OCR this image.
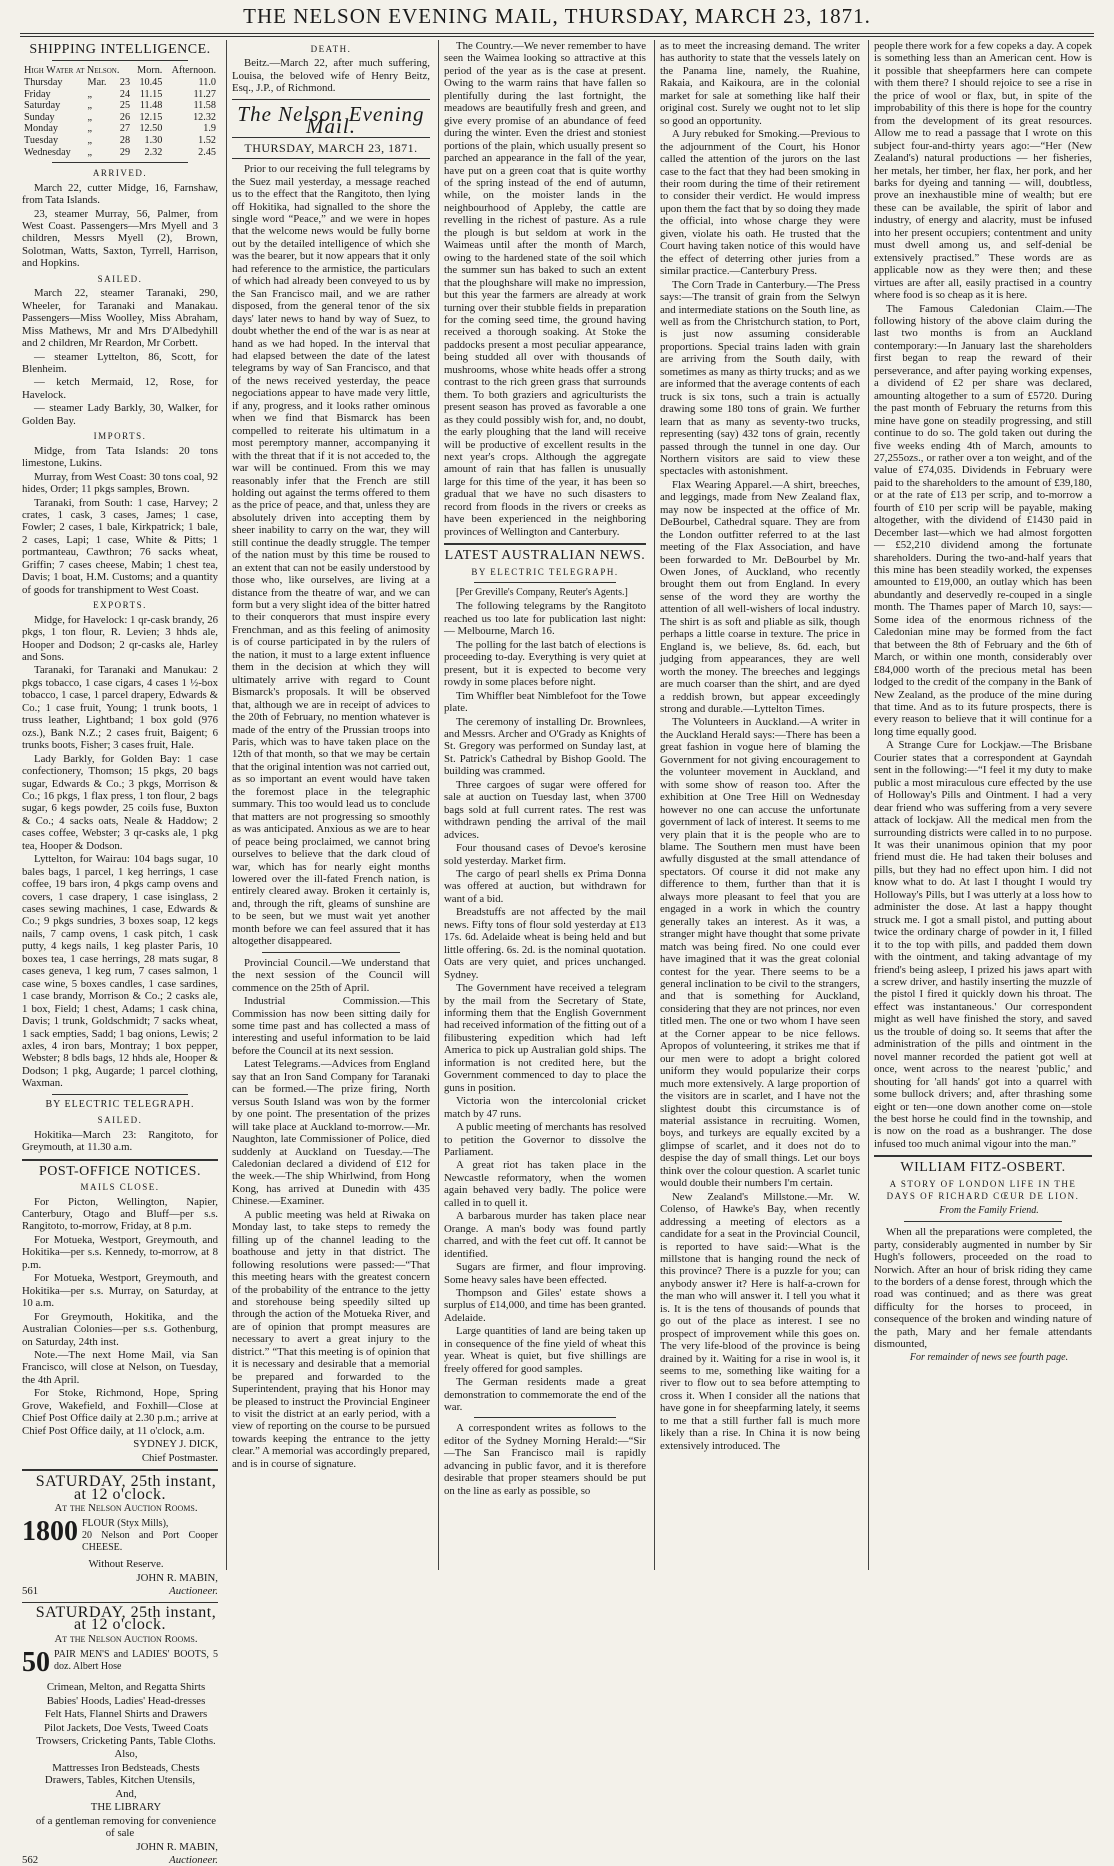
THE NELSON EVENING MAIL, THURSDAY, MARCH 23, 1871.
SHIPPING INTELLIGENCE.
High Water at Nelson.			Morn.	Afternoon.
Thursday	Mar.	23	10.45	11.0
Friday	„	24	11.15	11.27
Saturday	„	25	11.48	11.58
Sunday	„	26	12.15	12.32
Monday	„	27	12.50	1.9
Tuesday	„	28	1.30	1.52
Wednesday	„	29	2.32	2.45
ARRIVED.

March 22, cutter Midge, 16, Farnshaw, from Tata Islands.

23, steamer Murray, 56, Palmer, from West Coast. Passengers—Mrs Myell and 3 children, Messrs Myell (2), Brown, Solotman, Watts, Saxton, Tyrrell, Harrison, and Hopkins.

SAILED.

March 22, steamer Taranaki, 290, Wheeler, for Taranaki and Manakau. Passengers—Miss Woolley, Miss Abraham, Miss Mathews, Mr and Mrs D'Albedyhill and 2 children, Mr Reardon, Mr Corbett.

— steamer Lyttelton, 86, Scott, for Blenheim.

— ketch Mermaid, 12, Rose, for Havelock.

— steamer Lady Barkly, 30, Walker, for Golden Bay.

IMPORTS.

Midge, from Tata Islands: 20 tons limestone, Lukins.

Murray, from West Coast: 30 tons coal, 92 hides, Order; 11 pkgs samples, Brown.

Taranaki, from South: 1 case, Harvey; 2 crates, 1 cask, 3 cases, James; 1 case, Fowler; 2 cases, 1 bale, Kirkpatrick; 1 bale, 2 cases, Lapi; 1 case, White & Pitts; 1 portmanteau, Cawthron; 76 sacks wheat, Griffin; 7 cases cheese, Mabin; 1 chest tea, Davis; 1 boat, H.M. Customs; and a quantity of goods for transhipment to West Coast.

EXPORTS.

Midge, for Havelock: 1 qr-cask brandy, 26 pkgs, 1 ton flour, R. Levien; 3 hhds ale, Hooper and Dodson; 2 qr-casks ale, Harley and Sons.

Taranaki, for Taranaki and Manukau: 2 pkgs tobacco, 1 case cigars, 4 cases 1 ½-box tobacco, 1 case, 1 parcel drapery, Edwards & Co.; 1 case fruit, Young; 1 trunk boots, 1 truss leather, Lightband; 1 box gold (976 ozs.), Bank N.Z.; 2 cases fruit, Baigent; 6 trunks boots, Fisher; 3 cases fruit, Hale.

Lady Barkly, for Golden Bay: 1 case confectionery, Thomson; 15 pkgs, 20 bags sugar, Edwards & Co.; 3 pkgs, Morrison & Co.; 16 pkgs, 1 flax press, 1 ton flour, 2 bags sugar, 6 kegs powder, 25 coils fuse, Buxton & Co.; 4 sacks oats, Neale & Haddow; 2 cases coffee, Webster; 3 qr-casks ale, 1 pkg tea, Hooper & Dodson.

Lyttelton, for Wairau: 104 bags sugar, 10 bales bags, 1 parcel, 1 keg herrings, 1 case coffee, 19 bars iron, 4 pkgs camp ovens and covers, 1 case drapery, 1 case isinglass, 2 cases sewing machines, 1 case, Edwards & Co.; 9 pkgs sundries, 3 boxes soap, 12 kegs nails, 7 camp ovens, 1 cask pitch, 1 cask putty, 4 kegs nails, 1 keg plaster Paris, 10 boxes tea, 1 case herrings, 28 mats sugar, 8 cases geneva, 1 keg rum, 7 cases salmon, 1 case wine, 5 boxes candles, 1 case sardines, 1 case brandy, Morrison & Co.; 2 casks ale, 1 box, Field; 1 chest, Adams; 1 cask china, Davis; 1 trunk, Goldschmidt; 7 sacks wheat, 1 sack empties, Sadd; 1 bag onions, Lewis; 2 axles, 4 iron bars, Montray; 1 box pepper, Webster; 8 bdls bags, 12 hhds ale, Hooper & Dodson; 1 pkg, Augarde; 1 parcel clothing, Waxman.

BY ELECTRIC TELEGRAPH.
SAILED.

Hokitika—March 23: Rangitoto, for Greymouth, at 11.30 a.m.

POST-OFFICE NOTICES.
MAILS CLOSE.

For Picton, Wellington, Napier, Canterbury, Otago and Bluff—per s.s. Rangitoto, to-morrow, Friday, at 8 p.m.

For Motueka, Westport, Greymouth, and Hokitika—per s.s. Kennedy, to-morrow, at 8 p.m.

For Motueka, Westport, Greymouth, and Hokitika—per s.s. Murray, on Saturday, at 10 a.m.

For Greymouth, Hokitika, and the Australian Colonies—per s.s. Gothenburg, on Saturday, 24th inst.

Note.—The next Home Mail, via San Francisco, will close at Nelson, on Tuesday, the 4th April.

For Stoke, Richmond, Hope, Spring Grove, Wakefield, and Foxhill—Close at Chief Post Office daily at 2.30 p.m.; arrive at Chief Post Office daily, at 11 o'clock, a.m.

SYDNEY J. DICK,

Chief Postmaster.

SATURDAY, 25th instant, at 12 o'clock.

At the Nelson Auction Rooms.

1800 FLOUR (Styx Mills),
20 Nelson and Port Cooper CHEESE.

Without Reserve.

JOHN R. MABIN,

561	Auctioneer.

SATURDAY, 25th instant, at 12 o'clock.

At the Nelson Auction Rooms.

50 PAIR MEN'S and LADIES' BOOTS, 5 doz. Albert Hose

Crimean, Melton, and Regatta Shirts

Babies' Hoods, Ladies' Head-dresses

Felt Hats, Flannel Shirts and Drawers

Pilot Jackets, Doe Vests, Tweed Coats

Trowsers, Cricketing Pants, Table Cloths.

Also,

Mattresses Iron Bedsteads, Chests Drawers, Tables, Kitchen Utensils,

And,

THE LIBRARY

of a gentleman removing for convenience of sale

JOHN R. MABIN,

562	Auctioneer.

DEATH.

Beitz.—March 22, after much suffering, Louisa, the beloved wife of Henry Beitz, Esq., J.P., of Richmond.

The Nelson Evening Mail.
THURSDAY, MARCH 23, 1871.

Prior to our receiving the full telegrams by the Suez mail yesterday, a message reached us to the effect that the Rangitoto, then lying off Hokitika, had signalled to the shore the single word “Peace,” and we were in hopes that the welcome news would be fully borne out by the detailed intelligence of which she was the bearer, but it now appears that it only had reference to the armistice, the particulars of which had already been conveyed to us by the San Francisco mail, and we are rather disposed, from the general tenor of the six days' later news to hand by way of Suez, to doubt whether the end of the war is as near at hand as we had hoped. In the interval that had elapsed between the date of the latest telegrams by way of San Francisco, and that of the news received yesterday, the peace negociations appear to have made very little, if any, progress, and it looks rather ominous when we find that Bismarck has been compelled to reiterate his ultimatum in a most peremptory manner, accompanying it with the threat that if it is not acceded to, the war will be continued. From this we may reasonably infer that the French are still holding out against the terms offered to them as the price of peace, and that, unless they are absolutely driven into accepting them by sheer inability to carry on the war, they will still continue the deadly struggle. The temper of the nation must by this time be roused to an extent that can not be easily understood by those who, like ourselves, are living at a distance from the theatre of war, and we can form but a very slight idea of the bitter hatred to their conquerors that must inspire every Frenchman, and as this feeling of animosity is of course participated in by the rulers of the nation, it must to a large extent influence them in the decision at which they will ultimately arrive with regard to Count Bismarck's proposals. It will be observed that, although we are in receipt of advices to the 20th of February, no mention whatever is made of the entry of the Prussian troops into Paris, which was to have taken place on the 12th of that month, so that we may be certain that the original intention was not carried out, as so important an event would have taken the foremost place in the telegraphic summary. This too would lead us to conclude that matters are not progressing so smoothly as was anticipated. Anxious as we are to hear of peace being proclaimed, we cannot bring ourselves to believe that the dark cloud of war, which has for nearly eight months lowered over the ill-fated French nation, is entirely cleared away. Broken it certainly is, and, through the rift, gleams of sunshine are to be seen, but we must wait yet another month before we can feel assured that it has altogether disappeared.

Provincial Council.—We understand that the next session of the Council will commence on the 25th of April.

Industrial Commission.—This Commission has now been sitting daily for some time past and has collected a mass of interesting and useful information to be laid before the Council at its next session.

Latest Telegrams.—Advices from England say that an Iron Sand Company for Taranaki can be formed.—The prize firing, North versus South Island was won by the former by one point. The presentation of the prizes will take place at Auckland to-morrow.—Mr. Naughton, late Commissioner of Police, died suddenly at Auckland on Tuesday.—The Caledonian declared a dividend of £12 for the week.—The ship Whirlwind, from Hong Kong, has arrived at Dunedin with 435 Chinese.—Examiner.

A public meeting was held at Riwaka on Monday last, to take steps to remedy the filling up of the channel leading to the boathouse and jetty in that district. The following resolutions were passed:—“That this meeting hears with the greatest concern of the probability of the entrance to the jetty and storehouse being speedily silted up through the action of the Motueka River, and are of opinion that prompt measures are necessary to avert a great injury to the district.” “That this meeting is of opinion that it is necessary and desirable that a memorial be prepared and forwarded to the Superintendent, praying that his Honor may be pleased to instruct the Provincial Engineer to visit the district at an early period, with a view of reporting on the course to be pursued towards keeping the entrance to the jetty clear.” A memorial was accordingly prepared, and is in course of signature.

The Country.—We never remember to have seen the Waimea looking so attractive at this period of the year as is the case at present. Owing to the warm rains that have fallen so plentifully during the last fortnight, the meadows are beautifully fresh and green, and give every promise of an abundance of feed during the winter. Even the driest and stoniest portions of the plain, which usually present so parched an appearance in the fall of the year, have put on a green coat that is quite worthy of the spring instead of the end of autumn, while, on the moister lands in the neighbourhood of Appleby, the cattle are revelling in the richest of pasture. As a rule the plough is but seldom at work in the Waimeas until after the month of March, owing to the hardened state of the soil which the summer sun has baked to such an extent that the ploughshare will make no impression, but this year the farmers are already at work turning over their stubble fields in preparation for the coming seed time, the ground having received a thorough soaking. At Stoke the paddocks present a most peculiar appearance, being studded all over with thousands of mushrooms, whose white heads offer a strong contrast to the rich green grass that surrounds them. To both graziers and agriculturists the present season has proved as favorable a one as they could possibly wish for, and, no doubt, the early ploughing that the land will receive will be productive of excellent results in the next year's crops. Although the aggregate amount of rain that has fallen is unusually large for this time of the year, it has been so gradual that we have no such disasters to record from floods in the rivers or creeks as have been experienced in the neighboring provinces of Wellington and Canterbury.

LATEST AUSTRALIAN NEWS.
BY ELECTRIC TELEGRAPH.

[Per Greville's Company, Reuter's Agents.]

The following telegrams by the Rangitoto reached us too late for publication last night:— Melbourne, March 16.

The polling for the last batch of elections is proceeding to-day. Everything is very quiet at present, but it is expected to become very rowdy in some places before night.

Tim Whiffler beat Nimblefoot for the Towe plate.

The ceremony of installing Dr. Brownlees, and Messrs. Archer and O'Grady as Knights of St. Gregory was performed on Sunday last, at St. Patrick's Cathedral by Bishop Goold. The building was crammed.

Three cargoes of sugar were offered for sale at auction on Tuesday last, when 3700 bags sold at full current rates. The rest was withdrawn pending the arrival of the mail advices.

Four thousand cases of Devoe's kerosine sold yesterday. Market firm.

The cargo of pearl shells ex Prima Donna was offered at auction, but withdrawn for want of a bid.

Breadstuffs are not affected by the mail news. Fifty tons of flour sold yesterday at £13 17s. 6d. Adelaide wheat is being held and but little offering. 6s. 2d. is the nominal quotation. Oats are very quiet, and prices unchanged. Sydney.

The Government have received a telegram by the mail from the Secretary of State, informing them that the English Government had received information of the fitting out of a filibustering expedition which had left America to pick up Australian gold ships. The information is not credited here, but the Government commenced to day to place the guns in position.

Victoria won the intercolonial cricket match by 47 runs.

A public meeting of merchants has resolved to petition the Governor to dissolve the Parliament.

A great riot has taken place in the Newcastle reformatory, when the women again behaved very badly. The police were called in to quell it.

A barbarous murder has taken place near Orange. A man's body was found partly charred, and with the feet cut off. It cannot be identified.

Sugars are firmer, and flour improving. Some heavy sales have been effected.

Thompson and Giles' estate shows a surplus of £14,000, and time has been granted. Adelaide.

Large quantities of land are being taken up in consequence of the fine yield of wheat this year. Wheat is quiet, but five shillings are freely offered for good samples.

The German residents made a great demonstration to commemorate the end of the war.

A correspondent writes as follows to the editor of the Sydney Morning Herald:—“Sir—The San Francisco mail is rapidly advancing in public favor, and it is therefore desirable that proper steamers should be put on the line as early as possible, so

as to meet the increasing demand. The writer has authority to state that the vessels lately on the Panama line, namely, the Ruahine, Rakaia, and Kaikoura, are in the colonial market for sale at something like half their original cost. Surely we ought not to let slip so good an opportunity.

A Jury rebuked for Smoking.—Previous to the adjournment of the Court, his Honor called the attention of the jurors on the last case to the fact that they had been smoking in their room during the time of their retirement to consider their verdict. He would impress upon them the fact that by so doing they made the official, into whose charge they were given, violate his oath. He trusted that the Court having taken notice of this would have the effect of deterring other juries from a similar practice.—Canterbury Press.

The Corn Trade in Canterbury.—The Press says:—The transit of grain from the Selwyn and intermediate stations on the South line, as well as from the Christchurch station, to Port, is just now assuming considerable proportions. Special trains laden with grain are arriving from the South daily, with sometimes as many as thirty trucks; and as we are informed that the average contents of each truck is six tons, such a train is actually drawing some 180 tons of grain. We further learn that as many as seventy-two trucks, representing (say) 432 tons of grain, recently passed through the tunnel in one day. Our Northern visitors are said to view these spectacles with astonishment.

Flax Wearing Apparel.—A shirt, breeches, and leggings, made from New Zealand flax, may now be inspected at the office of Mr. DeBourbel, Cathedral square. They are from the London outfitter referred to at the last meeting of the Flax Association, and have been forwarded to Mr. DeBourbel by Mr. Owen Jones, of Auckland, who recently brought them out from England. In every sense of the word they are worthy the attention of all well-wishers of local industry. The shirt is as soft and pliable as silk, though perhaps a little coarse in texture. The price in England is, we believe, 8s. 6d. each, but judging from appearances, they are well worth the money. The breeches and leggings are much coarser than the shirt, and are dyed a reddish brown, but appear exceedingly strong and durable.—Lyttelton Times.

The Volunteers in Auckland.—A writer in the Auckland Herald says:—There has been a great fashion in vogue here of blaming the Government for not giving encouragement to the volunteer movement in Auckland, and with some show of reason too. After the exhibition at One Tree Hill on Wednesday however no one can accuse the unfortunate government of lack of interest. It seems to me very plain that it is the people who are to blame. The Southern men must have been awfully disgusted at the small attendance of spectators. Of course it did not make any difference to them, further than that it is always more pleasant to feel that you are engaged in a work in which the country generally takes an interest. As it was, a stranger might have thought that some private match was being fired. No one could ever have imagined that it was the great colonial contest for the year. There seems to be a general inclination to be civil to the strangers, and that is something for Auckland, considering that they are not princes, nor even titled men. The one or two whom I have seen at the Corner appear to be nice fellows. Apropos of volunteering, it strikes me that if our men were to adopt a bright colored uniform they would popularize their corps much more extensively. A large proportion of the visitors are in scarlet, and I have not the slightest doubt this circumstance is of material assistance in recruiting. Women, boys, and turkeys are equally excited by a glimpse of scarlet, and it does not do to despise the day of small things. Let our boys think over the colour question. A scarlet tunic would double their numbers I'm certain.

New Zealand's Millstone.—Mr. W. Colenso, of Hawke's Bay, when recently addressing a meeting of electors as a candidate for a seat in the Provincial Council, is reported to have said:—What is the millstone that is hanging round the neck of this province? There is a puzzle for you; can anybody answer it? Here is half-a-crown for the man who will answer it. I tell you what it is. It is the tens of thousands of pounds that go out of the place as interest. I see no prospect of improvement while this goes on. The very life-blood of the province is being drained by it. Waiting for a rise in wool is, it seems to me, something like waiting for a river to flow out to sea before attempting to cross it. When I consider all the nations that have gone in for sheepfarming lately, it seems to me that a still further fall is much more likely than a rise. In China it is now being extensively introduced. The

people there work for a few copeks a day. A copek is something less than an American cent. How is it possible that sheepfarmers here can compete with them there? I should rejoice to see a rise in the price of wool or flax, but, in spite of the improbability of this there is hope for the country from the development of its great resources. Allow me to read a passage that I wrote on this subject four-and-thirty years ago:—“Her (New Zealand's) natural productions — her fisheries, her metals, her timber, her flax, her pork, and her barks for dyeing and tanning — will, doubtless, prove an inexhaustible mine of wealth; but ere these can be available, the spirit of labor and industry, of energy and alacrity, must be infused into her present occupiers; contentment and unity must dwell among us, and self-denial be extensively practised.” These words are as applicable now as they were then; and these virtues are after all, easily practised in a country where food is so cheap as it is here.

The Famous Caledonian Claim.—The following history of the above claim during the last two months is from an Auckland contemporary:—In January last the shareholders first began to reap the reward of their perseverance, and after paying working expenses, a dividend of £2 per share was declared, amounting altogether to a sum of £5720. During the past month of February the returns from this mine have gone on steadily progressing, and still continue to do so. The gold taken out during the five weeks ending 4th of March, amounts to 27,255ozs., or rather over a ton weight, and of the value of £74,035. Dividends in February were paid to the shareholders to the amount of £39,180, or at the rate of £13 per scrip, and to-morrow a fourth of £10 per scrip will be payable, making altogether, with the dividend of £1430 paid in December last—which we had almost forgotten — £52,210 dividend among the fortunate shareholders. During the two-and-half years that this mine has been steadily worked, the expenses amounted to £19,000, an outlay which has been abundantly and deservedly re-couped in a single month. The Thames paper of March 10, says:—Some idea of the enormous richness of the Caledonian mine may be formed from the fact that between the 8th of February and the 6th of March, or within one month, considerably over £84,000 worth of the precious metal has been lodged to the credit of the company in the Bank of New Zealand, as the produce of the mine during that time. And as to its future prospects, there is every reason to believe that it will continue for a long time equally good.

A Strange Cure for Lockjaw.—The Brisbane Courier states that a correspondent at Gayndah sent in the following:—“I feel it my duty to make public a most miraculous cure effected by the use of Holloway's Pills and Ointment. I had a very dear friend who was suffering from a very severe attack of lockjaw. All the medical men from the surrounding districts were called in to no purpose. It was their unanimous opinion that my poor friend must die. He had taken their boluses and pills, but they had no effect upon him. I did not know what to do. At last I thought I would try Holloway's Pills, but I was utterly at a loss how to administer the dose. At last a happy thought struck me. I got a small pistol, and putting about twice the ordinary charge of powder in it, I filled it to the top with pills, and padded them down with the ointment, and taking advantage of my friend's being asleep, I prized his jaws apart with a screw driver, and hastily inserting the muzzle of the pistol I fired it quickly down his throat. The effect was instantaneous.' Our correspondent might as well have finished the story, and saved us the trouble of doing so. It seems that after the administration of the pills and ointment in the novel manner recorded the patient got well at once, went across to the nearest 'public,' and shouting for 'all hands' got into a quarrel with some bullock drivers; and, after thrashing some eight or ten—one down another come on—stole the best horse he could find in the township, and is now on the road as a bushranger. The dose infused too much animal vigour into the man.”

WILLIAM FITZ-OSBERT.
A STORY OF LONDON LIFE IN THE DAYS OF RICHARD CŒUR DE LION.

From the Family Friend.

When all the preparations were completed, the party, considerably augmented in number by Sir Hugh's followers, proceeded on the road to Norwich. After an hour of brisk riding they came to the borders of a dense forest, through which the road was continued; and as there was great difficulty for the horses to proceed, in consequence of the broken and winding nature of the path, Mary and her female attendants dismounted,

For remainder of news see fourth page.
